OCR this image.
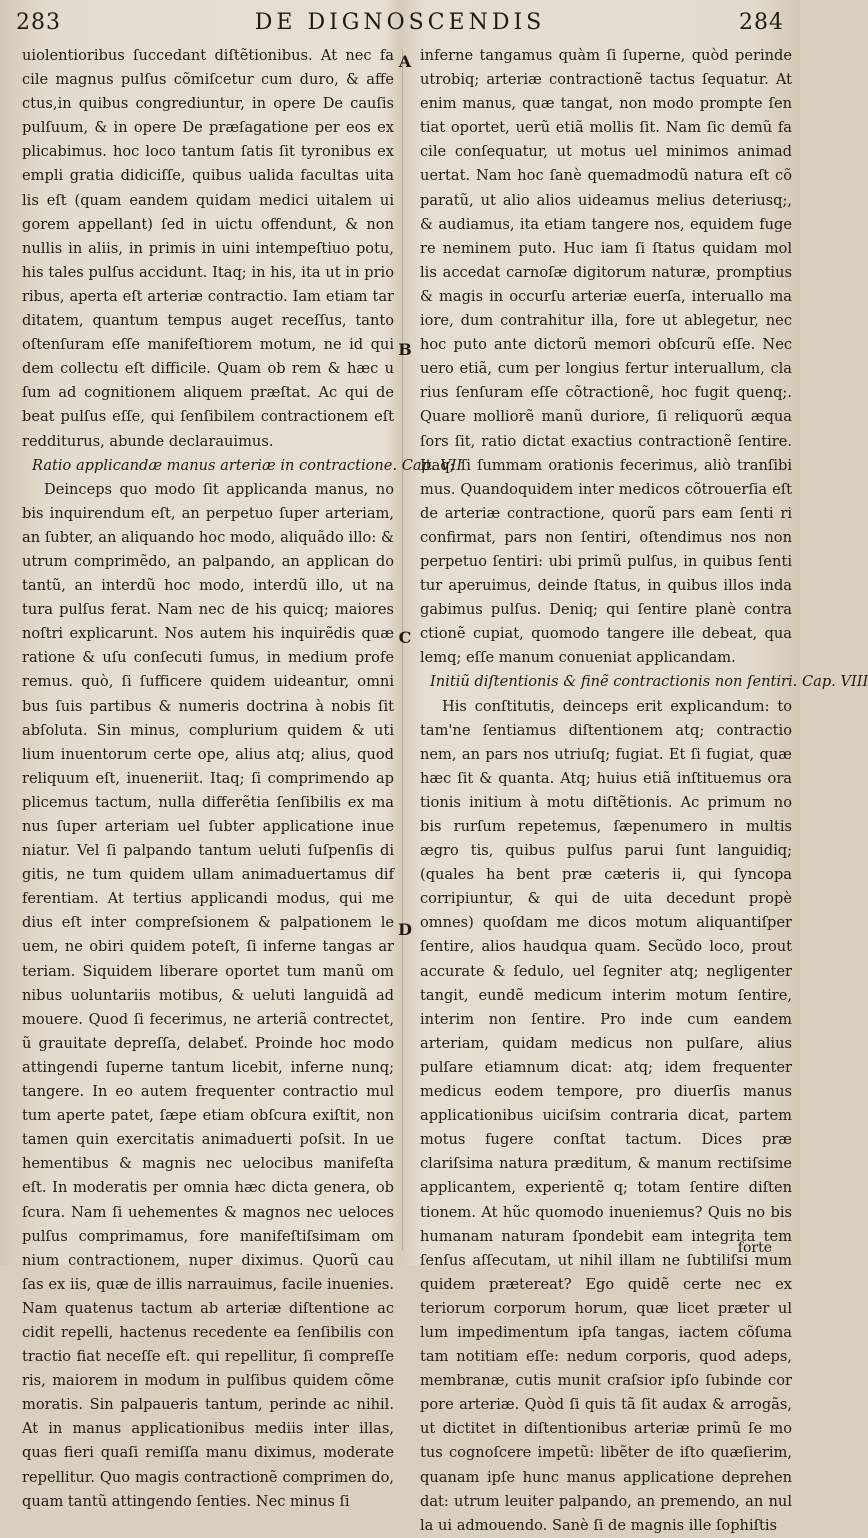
283	DE DIGNOSCENDIS	284
A
B
C
D

uiolentioribus ſuccedant diſtẽtionibus. At nec fa cile magnus pulſus cõmiſcetur cum duro, & affe ctus,in quibus congrediuntur, in opere De cauſis pulſuum, & in opere De præſagatione per eos ex plicabimus. hoc loco tantum ſatis ſit tyronibus ex empli gratia didiciſſe, quibus ualida facultas uita lis eſt (quam eandem quidam medici uitalem ui gorem appellant) ſed in uictu offendunt, & non nullis in aliis, in primis in uini intempeſtiuo potu, his tales pulſus accidunt. Itaq; in his, ita ut in prio ribus, aperta eſt arteriæ contractio. Iam etiam tar ditatem, quantum tempus auget receſſus, tanto oſtenſuram eſſe manifeſtiorem motum, ne id qui dem collectu eſt difficile. Quam ob rem & hæc u ſum ad cognitionem aliquem præſtat. Ac qui de beat pulſus eſſe, qui ſenſibilem contractionem eſt redditurus, abunde declarauimus.

Ratio applicandæ manus arteriæ in contractione. Cap. VII

Deinceps quo modo ſit applicanda manus, no bis inquirendum eſt, an perpetuo ſuper arteriam, an ſubter, an aliquando hoc modo, aliquãdo illo: & utrum comprimẽdo, an palpando, an applican do tantũ, an interdũ hoc modo, interdũ illo, ut na tura pulſus ferat. Nam nec de his quicq; maiores noſtri explicarunt. Nos autem his inquirẽdis quæ ratione & uſu conſecuti ſumus, in medium profe remus. quò, ſi ſufficere quidem uideantur, omni bus ſuis partibus & numeris doctrina à nobis ſit abſoluta. Sin minus, complurium quidem & uti lium inuentorum certe ope, alius atq; alius, quod reliquum eſt, inueneriit. Itaq; ſi comprimendo ap plicemus tactum, nulla differẽtia ſenſibilis ex ma nus ſuper arteriam uel ſubter applicatione inue niatur. Vel ſi palpando tantum ueluti ſuſpenſis di gitis, ne tum quidem ullam animaduertamus dif ferentiam. At tertius applicandi modus, qui me dius eſt inter compreſsionem & palpationem le uem, ne obiri quidem poteſt, ſi inferne tangas ar teriam. Siquidem liberare oportet tum manũ om nibus uoluntariis motibus, & ueluti languidã ad mouere. Quod ſi fecerimus, ne arteriã contrectet, ũ grauitate depreſſa, delabeť. Proinde hoc modo attingendi ſuperne tantum licebit, inferne nunq; tangere. In eo autem frequenter contractio mul tum aperte patet, ſæpe etiam obſcura exiſtit, non tamen quin exercitatis animaduerti poſsit. In ue hementibus & magnis nec uelocibus manifeſta eſt. In moderatis per omnia hæc dicta genera, ob ſcura. Nam ſi uehementes & magnos nec ueloces pulſus comprimamus, fore manifeſtiſsimam om nium contractionem, nuper diximus. Quorũ cau ſas ex iis, quæ de illis narrauimus, facile inuenies. Nam quatenus tactum ab arteriæ diſtentione ac cidit repelli, hactenus recedente ea ſenſibilis con tractio fiat neceſſe eſt. qui repellitur, ſi compreſſe ris, maiorem in modum in pulſibus quidem cõme moratis. Sin palpaueris tantum, perinde ac nihil. At in manus applicationibus mediis inter illas, quas fieri quaſi remiſſa manu diximus, moderate repellitur. Quo magis contractionẽ comprimen do, quam tantũ attingendo ſenties. Nec minus ſi

inferne tangamus quàm ſi ſuperne, quòd perinde utrobiq; arteriæ contractionẽ tactus ſequatur. At enim manus, quæ tangat, non modo prompte ſen tiat oportet, uerũ etiã mollis ſit. Nam ſic demũ fa cile conſequatur, ut motus uel minimos animad uertat. Nam hoc ſanè quemadmodũ natura eſt cõ paratũ, ut alio alios uideamus melius deteriusq;, & audiamus, ita etiam tangere nos, equidem fuge re neminem puto. Huc iam ſi ſtatus quidam mol lis accedat carnoſæ digitorum naturæ, promptius & magis in occurſu arteriæ euerſa, interuallo ma iore, dum contrahitur illa, fore ut ablegetur, nec hoc puto ante dictorũ memori obſcurũ eſſe. Nec uero etiã, cum per longius fertur interuallum, cla rius ſenſuram eſſe cõtractionẽ, hoc fugit quenq;. Quare molliorẽ manũ duriore, ſi reliquorũ æqua ſors ſit, ratio dictat exactius contractionẽ ſentire. Itaq; ſi ſummam orationis fecerimus, aliò tranſibi mus. Quandoquidem inter medicos cõtrouerſia eſt de arteriæ contractione, quorũ pars eam ſenti ri confirmat, pars non ſentiri, oſtendimus nos non perpetuo ſentiri: ubi primũ pulſus, in quibus ſenti tur aperuimus, deinde ſtatus, in quibus illos inda gabimus pulſus. Deniq; qui ſentire planè contra ctionẽ cupiat, quomodo tangere ille debeat, qua lemq; eſſe manum conueniat applicandam.

Initiũ diſtentionis & finẽ contractionis non ſentiri. Cap. VIII

His conſtitutis, deinceps erit explicandum: to tam'ne ſentiamus diſtentionem atq; contractio nem, an pars nos utriuſq; fugiat. Et ſi fugiat, quæ hæc ſit & quanta. Atq; huius etiã inſtituemus ora tionis initium à motu diſtẽtionis. Ac primum no bis rurſum repetemus, ſæpenumero in multis ægro tis, quibus pulſus parui ſunt languidiq; (quales ha bent præ cæteris ii, qui ſyncopa corripiuntur, & qui de uita decedunt propè omnes) quoſdam me dicos motum aliquantiſper ſentire, alios haudqua quam. Secũdo loco, prout accurate & ſedulo, uel ſegniter atq; negligenter tangit, eundẽ medicum interim motum ſentire, interim non ſentire. Pro inde cum eandem arteriam, quidam medicus non pulſare, alius pulſare etiamnum dicat: atq; idem frequenter medicus eodem tempore, pro diuerſis manus applicationibus uiciſsim contraria dicat, partem motus fugere conſtat tactum. Dices præ clariſsima natura præditum, & manum rectiſsime applicantem, experientẽ q; totam ſentire diſten tionem. At hũc quomodo inueniemus? Quis no bis humanam naturam ſpondebit eam integrita tem ſenſus aſſecutam, ut nihil illam ne ſubtiliſsi mum quidem prætereat? Ego quidẽ certe nec ex teriorum corporum horum, quæ licet præter ul lum impedimentum ipſa tangas, iactem cõſuma tam notitiam eſſe: nedum corporis, quod adeps, membranæ, cutis munit craſsior ipſo ſubinde cor pore arteriæ. Quòd ſi quis tã ſit audax & arrogãs, ut dictitet in diſtentionibus arteriæ primũ ſe mo tus cognoſcere impetũ: libẽter de iſto quæſierim, quanam ipſe hunc manus applicatione deprehen dat: utrum leuiter palpando, an premendo, an nul la ui admouendo. Sanè ſi de magnis ille ſophiſtis

forte
